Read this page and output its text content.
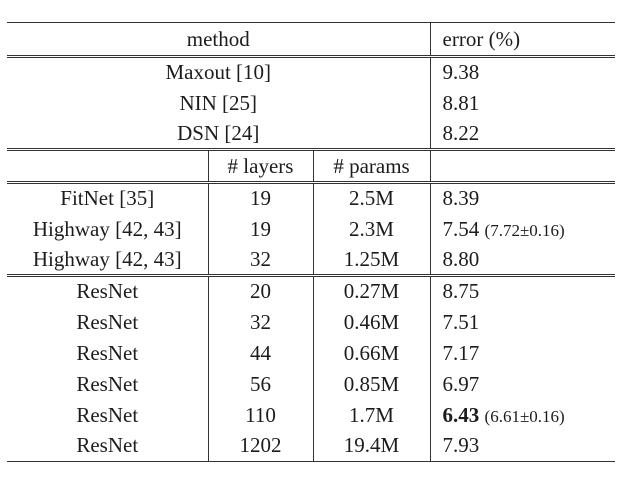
method			error (%)
Maxout [10]			9.38
NIN [25]			8.81
DSN [24]			8.22
	# layers	# params	
FitNet [35]	19	2.5M	8.39
Highway [42, 43]	19	2.3M	7.54 (7.72±0.16)
Highway [42, 43]	32	1.25M	8.80
ResNet	20	0.27M	8.75
ResNet	32	0.46M	7.51
ResNet	44	0.66M	7.17
ResNet	56	0.85M	6.97
ResNet	110	1.7M	6.43 (6.61±0.16)
ResNet	1202	19.4M	7.93
